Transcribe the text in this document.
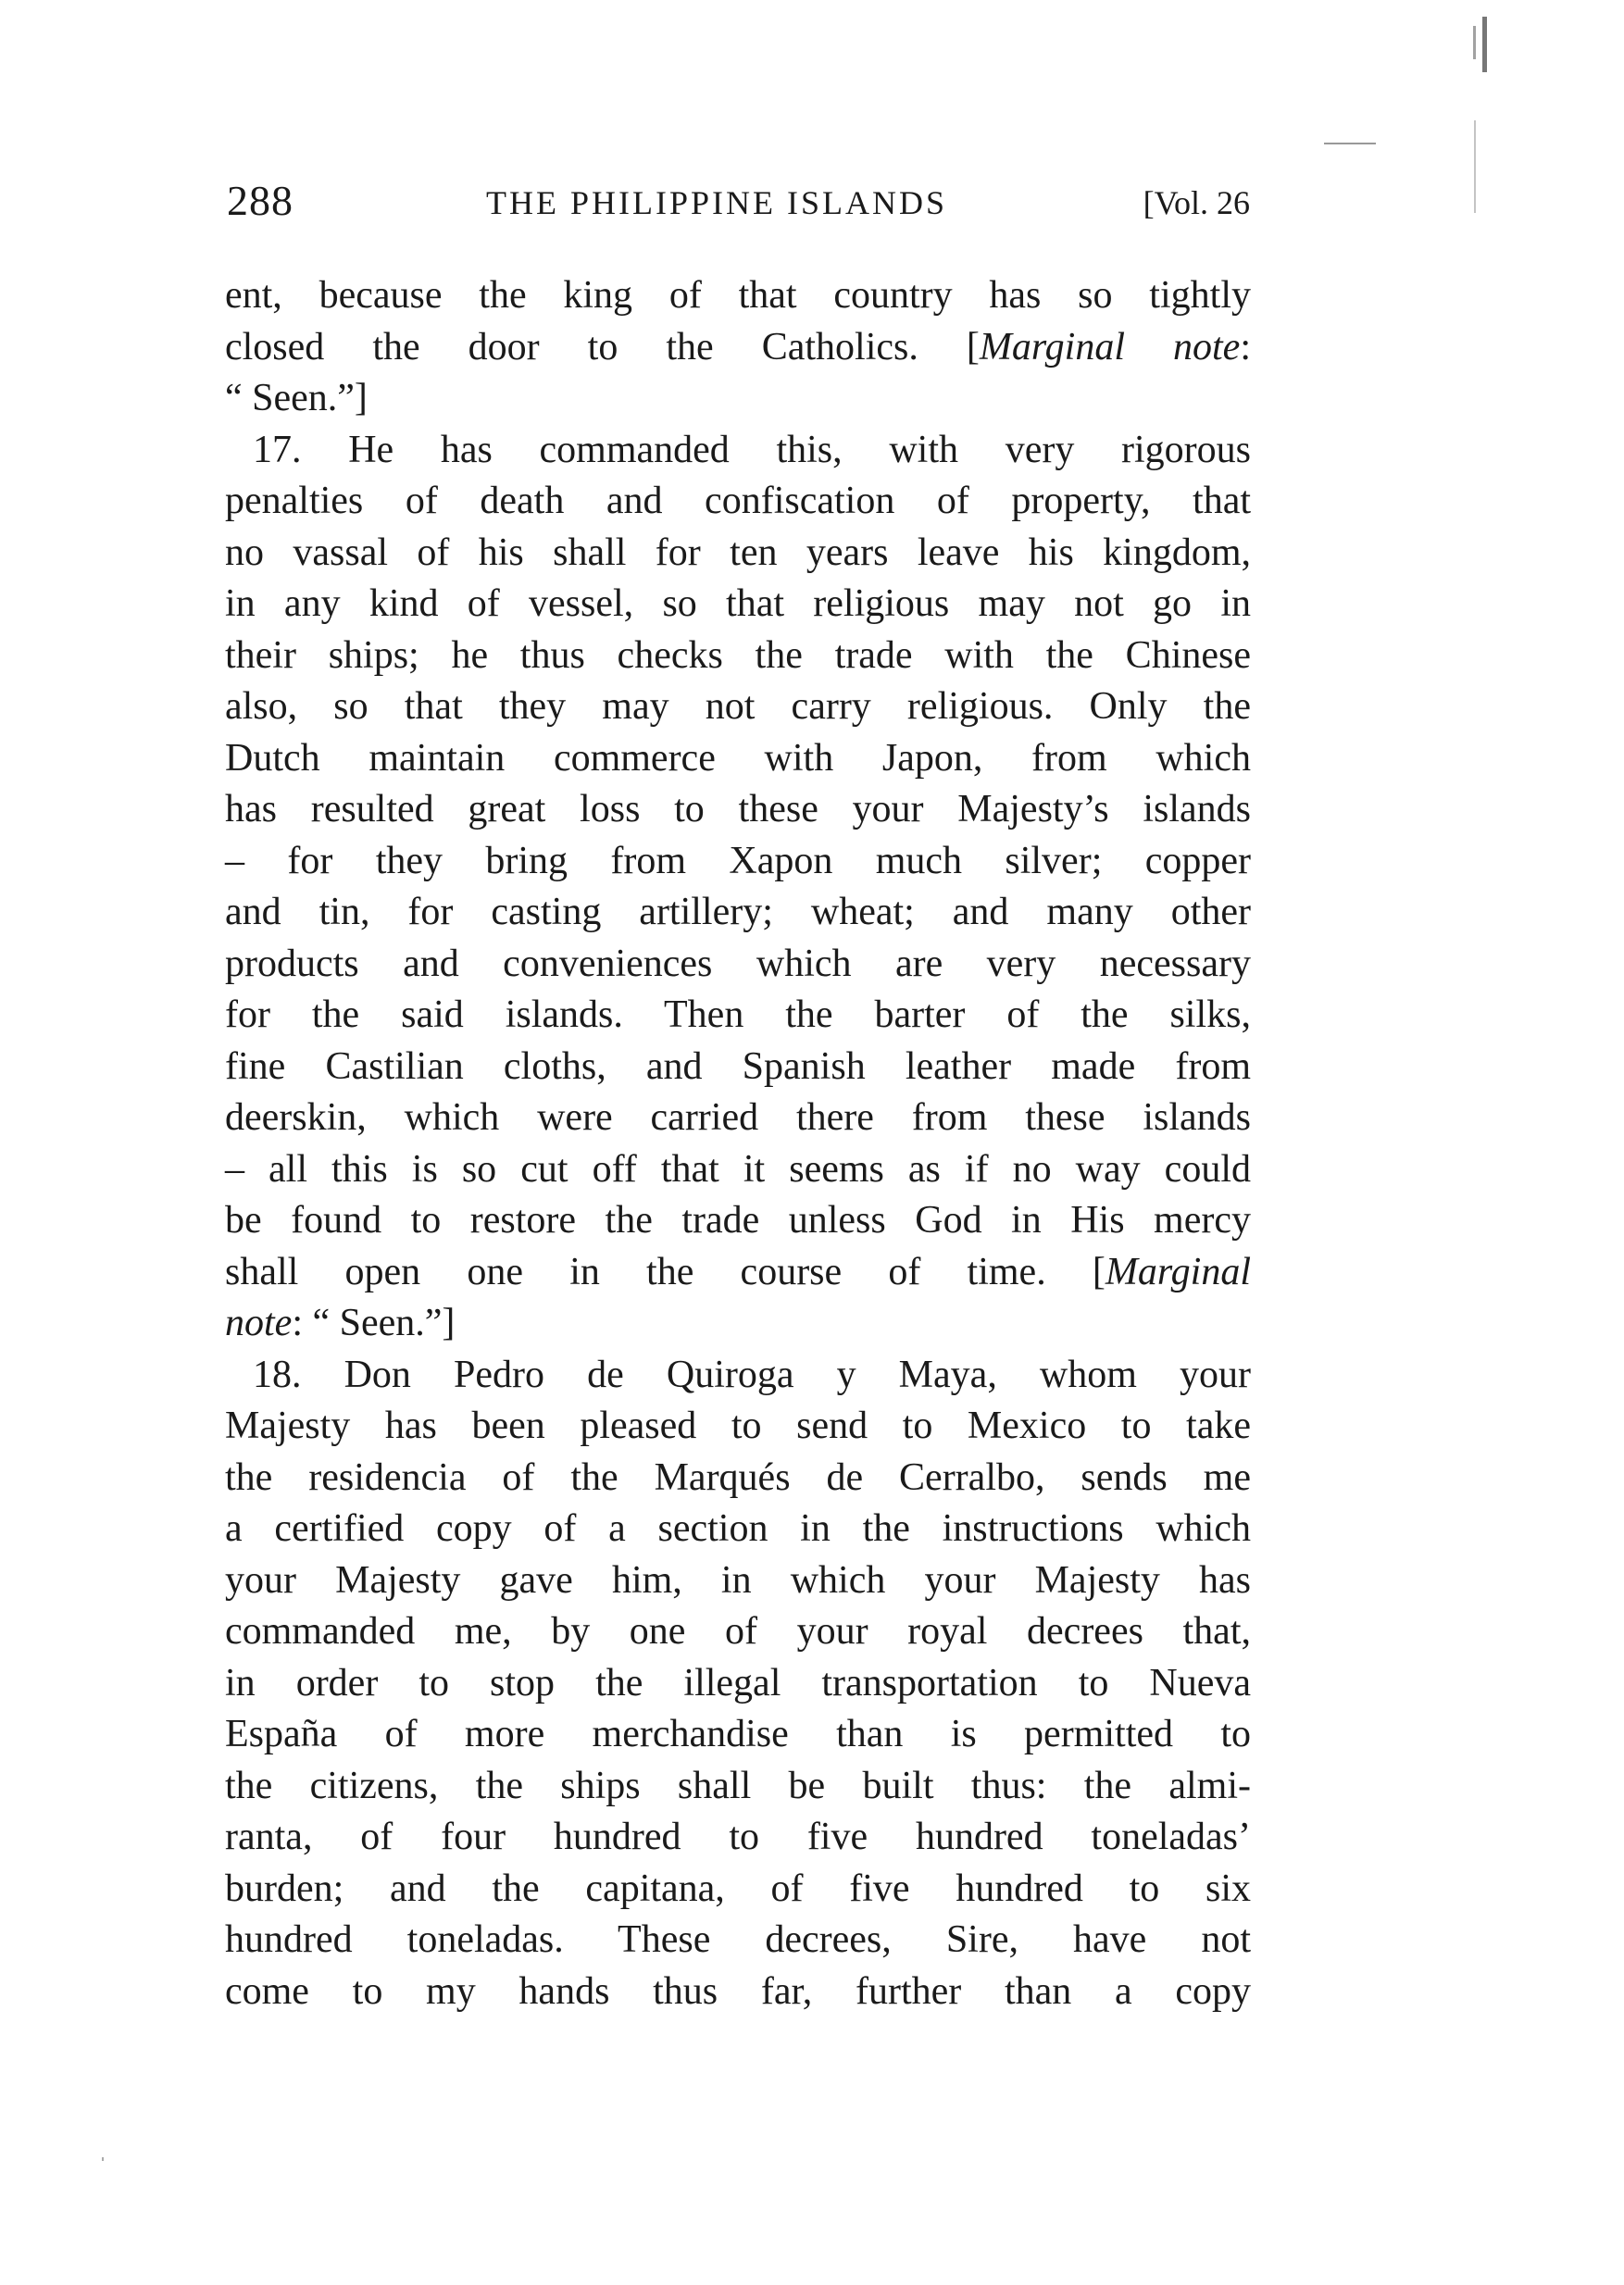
288	THE PHILIPPINE ISLANDS	[Vol. 26
ent, because the king of that country has so tightly
closed the door to the Catholics. [Marginal note:
“ Seen.”]
17. He has commanded this, with very rigorous
penalties of death and confiscation of property, that
no vassal of his shall for ten years leave his kingdom,
in any kind of vessel, so that religious may not go in
their ships; he thus checks the trade with the Chinese
also, so that they may not carry religious. Only the
Dutch maintain commerce with Japon, from which
has resulted great loss to these your Majesty’s islands
– for they bring from Xapon much silver; copper
and tin, for casting artillery; wheat; and many other
products and conveniences which are very necessary
for the said islands. Then the barter of the silks,
fine Castilian cloths, and Spanish leather made from
deerskin, which were carried there from these islands
– all this is so cut off that it seems as if no way could
be found to restore the trade unless God in His mercy
shall open one in the course of time. [Marginal
note: “ Seen.”]
18. Don Pedro de Quiroga y Maya, whom your
Majesty has been pleased to send to Mexico to take
the residencia of the Marqués de Cerralbo, sends me
a certified copy of a section in the instructions which
your Majesty gave him, in which your Majesty has
commanded me, by one of your royal decrees that,
in order to stop the illegal transportation to Nueva
España of more merchandise than is permitted to
the citizens, the ships shall be built thus: the almi-
ranta, of four hundred to five hundred toneladas’
burden; and the capitana, of five hundred to six
hundred toneladas. These decrees, Sire, have not
come to my hands thus far, further than a copy
